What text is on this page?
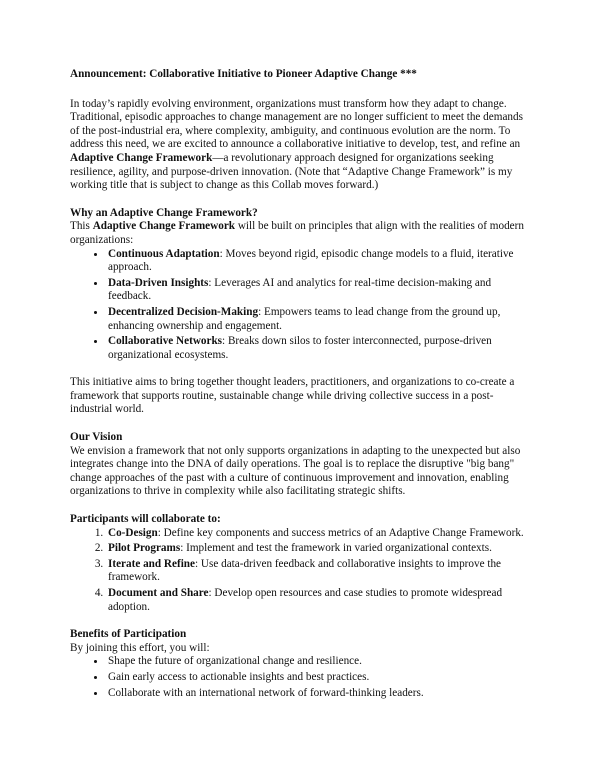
Announcement: Collaborative Initiative to Pioneer Adaptive Change ***

In today’s rapidly evolving environment, organizations must transform how they adapt to change. Traditional, episodic approaches to change management are no longer sufficient to meet the demands of the post-industrial era, where complexity, ambiguity, and continuous evolution are the norm. To address this need, we are excited to announce a collaborative initiative to develop, test, and refine an Adaptive Change Framework—a revolutionary approach designed for organizations seeking resilience, agility, and purpose-driven innovation. (Note that “Adaptive Change Framework” is my working title that is subject to change as this Collab moves forward.)

Why an Adaptive Change Framework?

This Adaptive Change Framework will be built on principles that align with the realities of modern organizations:

• Continuous Adaptation: Moves beyond rigid, episodic change models to a fluid, iterative approach.
• Data-Driven Insights: Leverages AI and analytics for real-time decision-making and feedback.
• Decentralized Decision-Making: Empowers teams to lead change from the ground up, enhancing ownership and engagement.
• Collaborative Networks: Breaks down silos to foster interconnected, purpose-driven organizational ecosystems.

This initiative aims to bring together thought leaders, practitioners, and organizations to co-create a framework that supports routine, sustainable change while driving collective success in a post-industrial world.

Our Vision

We envision a framework that not only supports organizations in adapting to the unexpected but also integrates change into the DNA of daily operations. The goal is to replace the disruptive "big bang" change approaches of the past with a culture of continuous improvement and innovation, enabling organizations to thrive in complexity while also facilitating strategic shifts.

Participants will collaborate to:

1. Co-Design: Define key components and success metrics of an Adaptive Change Framework.
2. Pilot Programs: Implement and test the framework in varied organizational contexts.
3. Iterate and Refine: Use data-driven feedback and collaborative insights to improve the framework.
4. Document and Share: Develop open resources and case studies to promote widespread adoption.

Benefits of Participation

By joining this effort, you will:

• Shape the future of organizational change and resilience.
• Gain early access to actionable insights and best practices.
• Collaborate with an international network of forward-thinking leaders.
